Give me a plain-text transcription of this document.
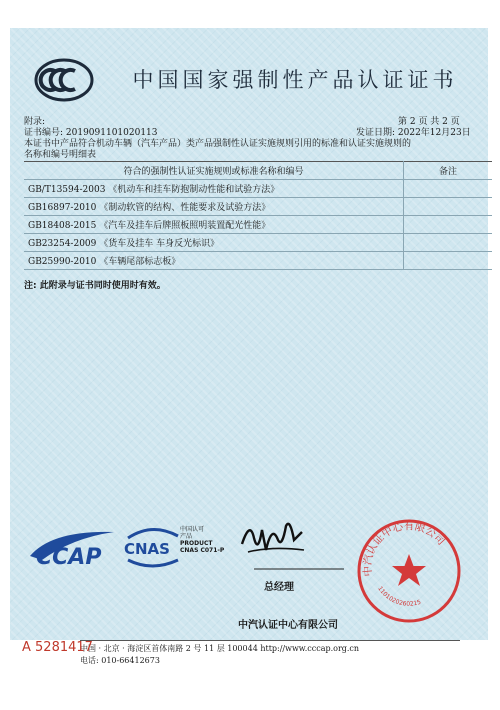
中国国家强制性产品认证证书
附录:	第 2 页 共 2 页
证书编号: 2019091101020113	发证日期: 2022年12月23日
本证书中产品符合机动车辆（汽车产品）类产品强制性认证实施规则引用的标准和认证实施规则的
名称和编号明细表
符合的强制性认证实施规则或标准名称和编号	备注
GB/T13594-2003 《机动车和挂车防抱制动性能和试验方法》	
GB16897-2010 《制动软管的结构、性能要求及试验方法》	
GB18408-2015 《汽车及挂车后牌照板照明装置配光性能》	
GB23254-2009 《货车及挂车 车身反光标识》	
GB25990-2010 《车辆尾部标志板》	
注: 此附录与证书同时使用时有效。
CCAP CNAS
中国认可
产品
PRODUCT
CNAS C071-P
总经理
中汽认证中心有限公司
1101020260215
中汽认证中心有限公司
中国 · 北京 · 海淀区首体南路 2 号 11 层 100044 http://www.cccap.org.cn
电话: 010-66412673
A 5281417
